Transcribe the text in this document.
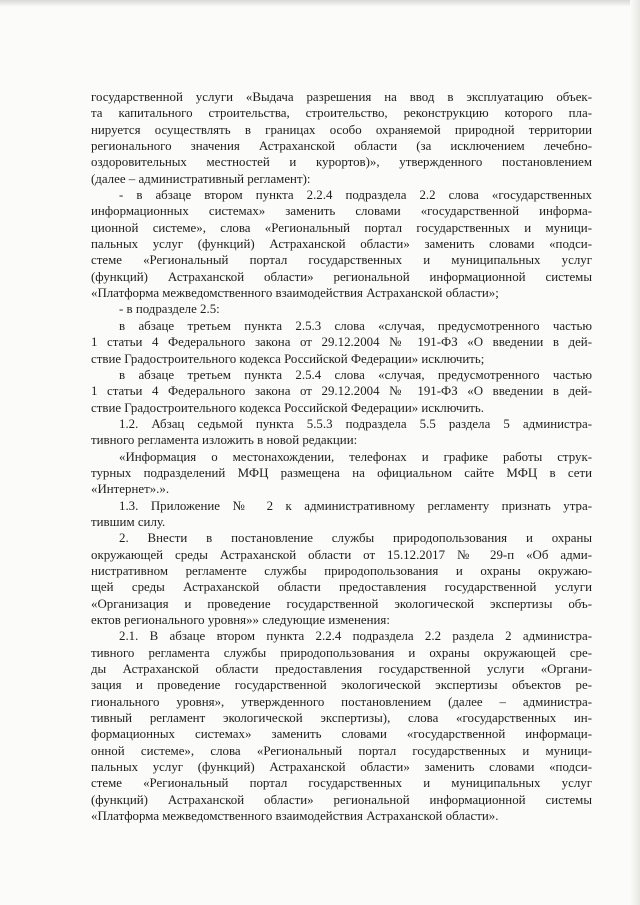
государственной услуги «Выдача разрешения на ввод в эксплуатацию объек-
та капитального строительства, строительство, реконструкцию которого пла-
нируется осуществлять в границах особо охраняемой природной территории
регионального значения Астраханской области (за исключением лечебно-
оздоровительных местностей и курортов)», утвержденного постановлением
(далее – административный регламент):
- в абзаце втором пункта 2.2.4 подраздела 2.2 слова «государственных
информационных системах» заменить словами «государственной информа-
ционной системе», слова «Региональный портал государственных и муници-
пальных услуг (функций) Астраханской области» заменить словами «подси-
стеме «Региональный портал государственных и муниципальных услуг
(функций) Астраханской области» региональной информационной системы
«Платформа межведомственного взаимодействия Астраханской области»;
- в подразделе 2.5:
в абзаце третьем пункта 2.5.3 слова «случая, предусмотренного частью
1 статьи 4 Федерального закона от 29.12.2004 № 191-ФЗ «О введении в дей-
ствие Градостроительного кодекса Российской Федерации» исключить;
в абзаце третьем пункта 2.5.4 слова «случая, предусмотренного частью
1 статьи 4 Федерального закона от 29.12.2004 № 191-ФЗ «О введении в дей-
ствие Градостроительного кодекса Российской Федерации» исключить.
1.2. Абзац седьмой пункта 5.5.3 подраздела 5.5 раздела 5 администра-
тивного регламента изложить в новой редакции:
«Информация о местонахождении, телефонах и графике работы струк-
турных подразделений МФЦ размещена на официальном сайте МФЦ в сети
«Интернет».».
1.3. Приложение № 2 к административному регламенту признать утра-
тившим силу.
2. Внести в постановление службы природопользования и охраны
окружающей среды Астраханской области от 15.12.2017 № 29-п «Об адми-
нистративном регламенте службы природопользования и охраны окружаю-
щей среды Астраханской области предоставления государственной услуги
«Организация и проведение государственной экологической экспертизы объ-
ектов регионального уровня»» следующие изменения:
2.1. В абзаце втором пункта 2.2.4 подраздела 2.2 раздела 2 администра-
тивного регламента службы природопользования и охраны окружающей сре-
ды Астраханской области предоставления государственной услуги «Органи-
зация и проведение государственной экологической экспертизы объектов ре-
гионального уровня», утвержденного постановлением (далее – администра-
тивный регламент экологической экспертизы), слова «государственных ин-
формационных системах» заменить словами «государственной информаци-
онной системе», слова «Региональный портал государственных и муници-
пальных услуг (функций) Астраханской области» заменить словами «подси-
стеме «Региональный портал государственных и муниципальных услуг
(функций) Астраханской области» региональной информационной системы
«Платформа межведомственного взаимодействия Астраханской области».
